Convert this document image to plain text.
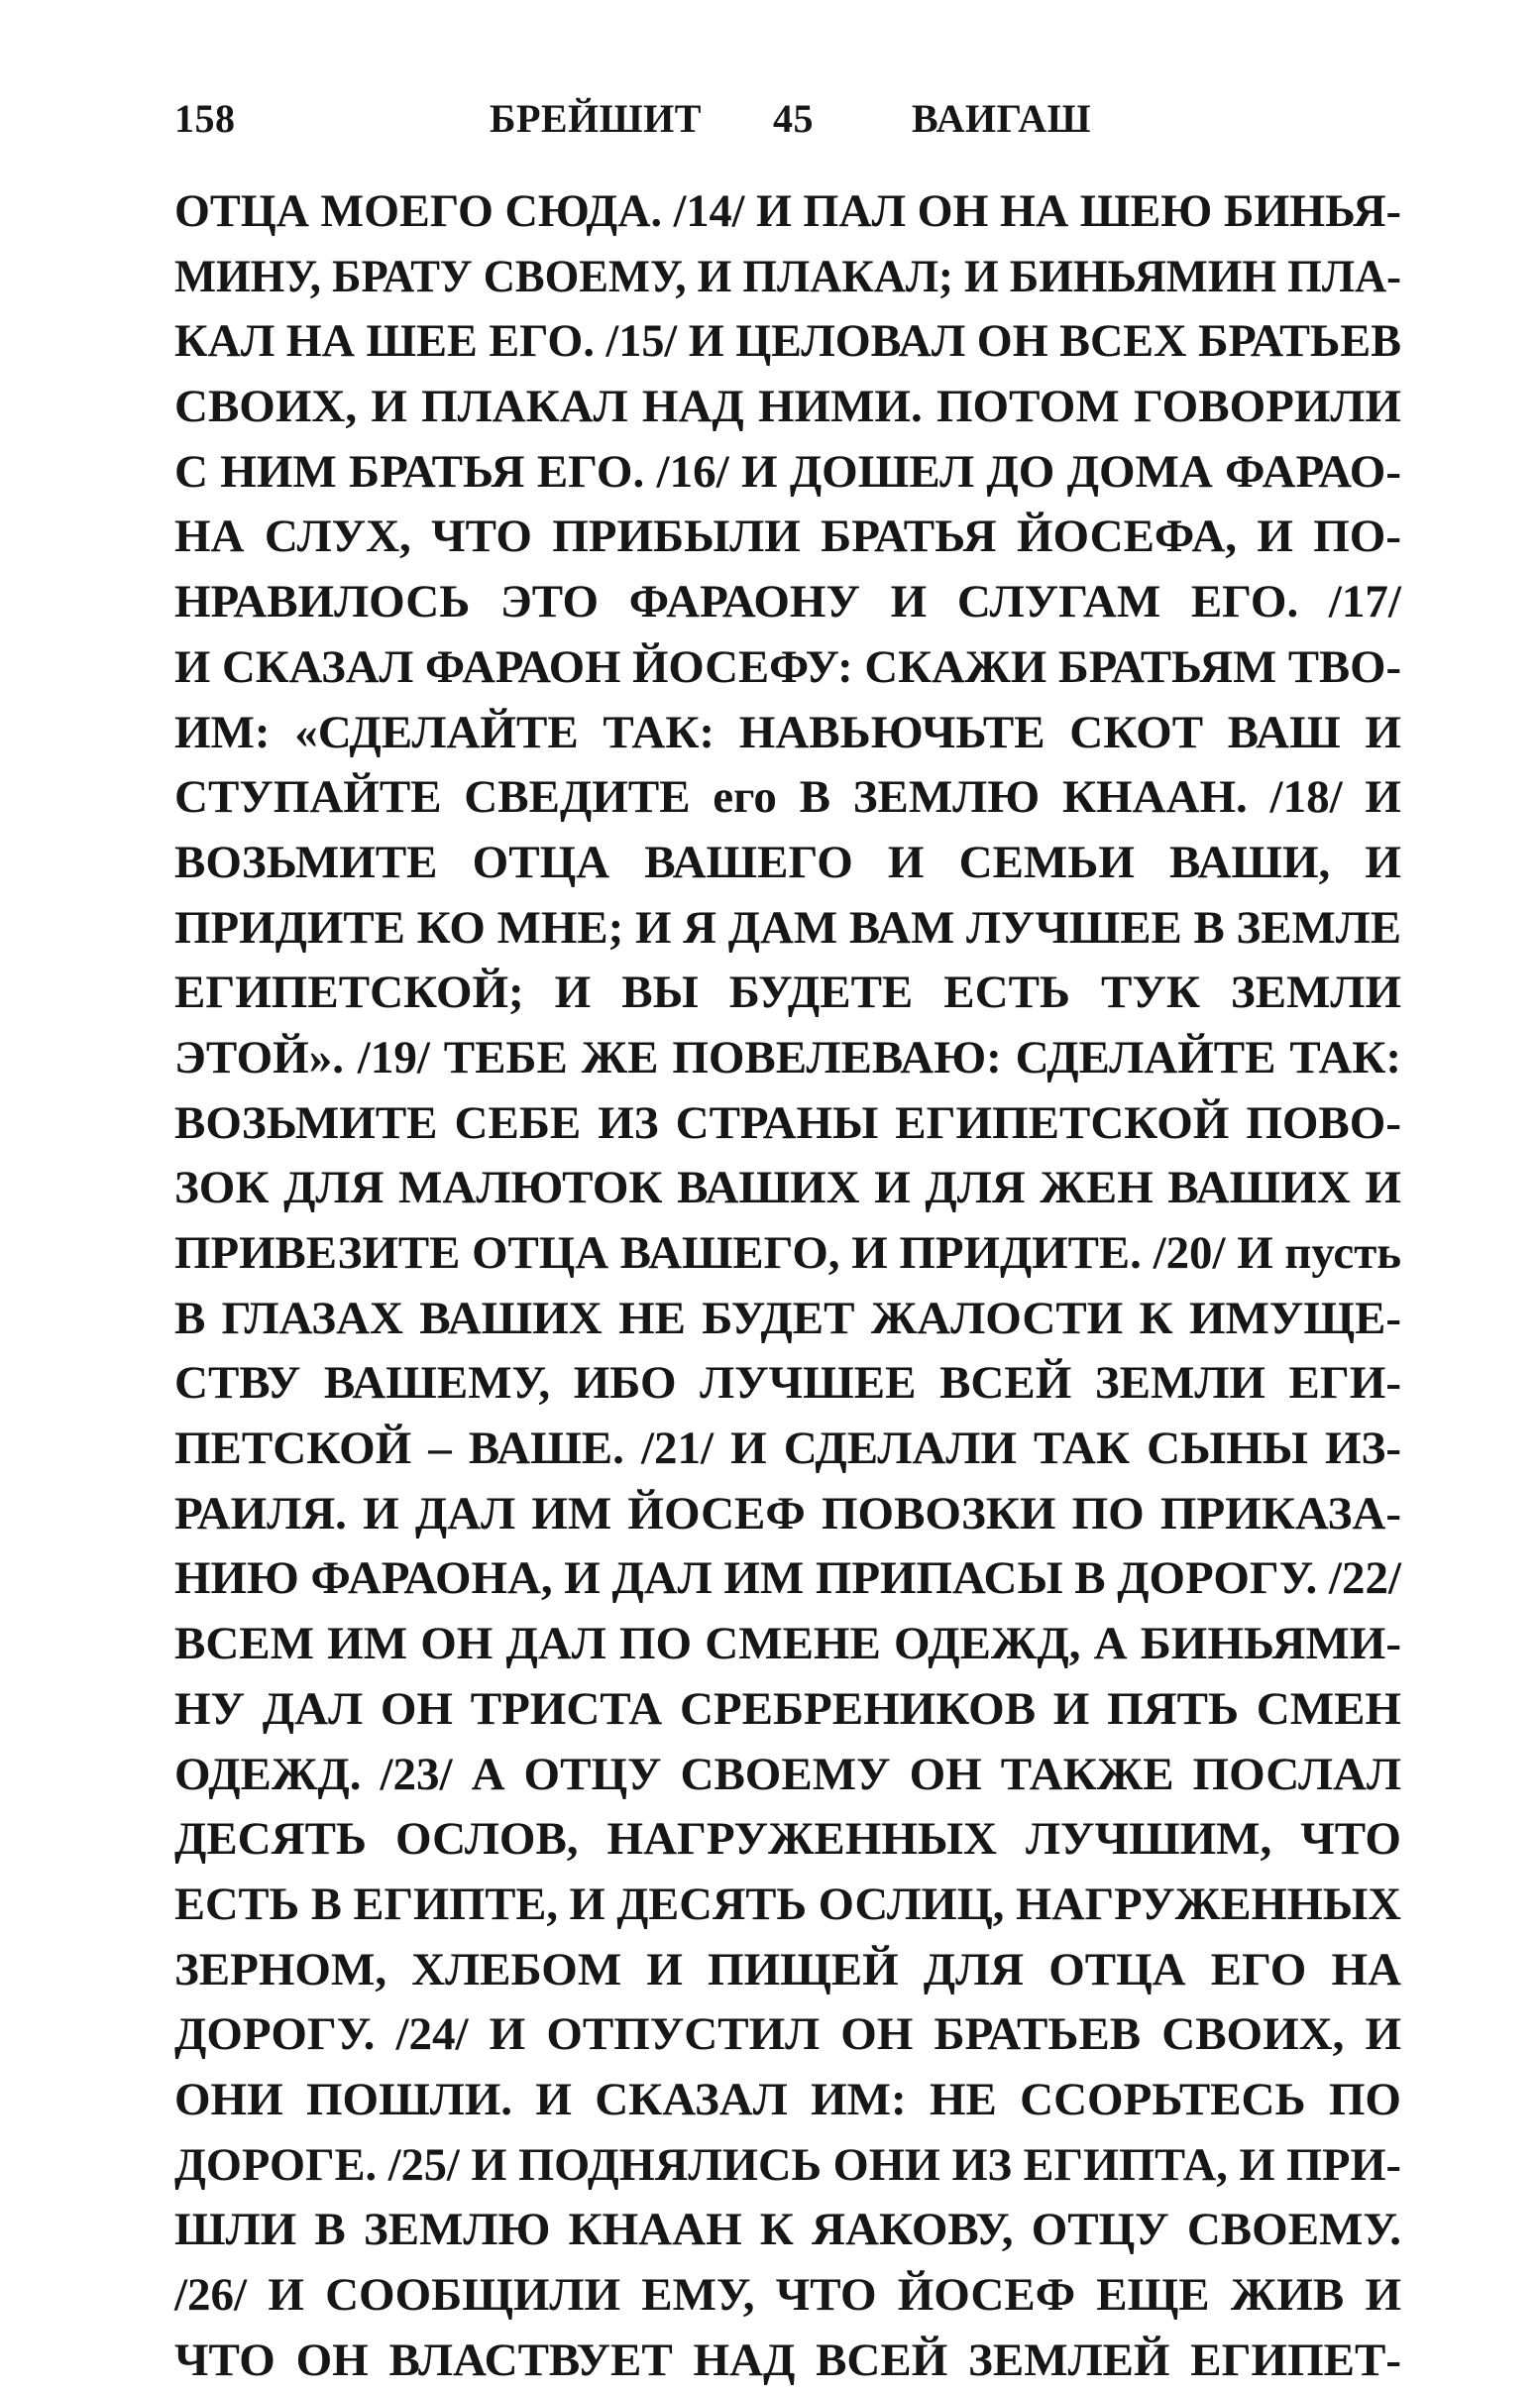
158	БРЕЙШИТ 45 ВАИГАШ
ОТЦА МОЕГО СЮДА. /14/ И ПАЛ ОН НА ШЕЮ БИНЬЯ-
МИНУ, БРАТУ СВОЕМУ, И ПЛАКАЛ; И БИНЬЯМИН ПЛА-
КАЛ НА ШЕЕ ЕГО. /15/ И ЦЕЛОВАЛ ОН ВСЕХ БРАТЬЕВ
СВОИХ, И ПЛАКАЛ НАД НИМИ. ПОТОМ ГОВОРИЛИ
С НИМ БРАТЬЯ ЕГО. /16/ И ДОШЕЛ ДО ДОМА ФАРАО-
НА СЛУХ, ЧТО ПРИБЫЛИ БРАТЬЯ ЙОСЕФА, И ПО-
НРАВИЛОСЬ ЭТО ФАРАОНУ И СЛУГАМ ЕГО. /17/
И СКАЗАЛ ФАРАОН ЙОСЕФУ: СКАЖИ БРАТЬЯМ ТВО-
ИМ: «СДЕЛАЙТЕ ТАК: НАВЬЮЧЬТЕ СКОТ ВАШ И
СТУПАЙТЕ СВЕДИТЕ его В ЗЕМЛЮ КНААН. /18/ И
ВОЗЬМИТЕ ОТЦА ВАШЕГО И СЕМЬИ ВАШИ, И
ПРИДИТЕ КО МНЕ; И Я ДАМ ВАМ ЛУЧШЕЕ В ЗЕМЛЕ
ЕГИПЕТСКОЙ; И ВЫ БУДЕТЕ ЕСТЬ ТУК ЗЕМЛИ
ЭТОЙ». /19/ ТЕБЕ ЖЕ ПОВЕЛЕВАЮ: СДЕЛАЙТЕ ТАК:
ВОЗЬМИТЕ СЕБЕ ИЗ СТРАНЫ ЕГИПЕТСКОЙ ПОВО-
ЗОК ДЛЯ МАЛЮТОК ВАШИХ И ДЛЯ ЖЕН ВАШИХ И
ПРИВЕЗИТЕ ОТЦА ВАШЕГО, И ПРИДИТЕ. /20/ И пусть
В ГЛАЗАХ ВАШИХ НЕ БУДЕТ ЖАЛОСТИ К ИМУЩЕ-
СТВУ ВАШЕМУ, ИБО ЛУЧШЕЕ ВСЕЙ ЗЕМЛИ ЕГИ-
ПЕТСКОЙ – ВАШЕ. /21/ И СДЕЛАЛИ ТАК СЫНЫ ИЗ-
РАИЛЯ. И ДАЛ ИМ ЙОСЕФ ПОВОЗКИ ПО ПРИКАЗА-
НИЮ ФАРАОНА, И ДАЛ ИМ ПРИПАСЫ В ДОРОГУ. /22/
ВСЕМ ИМ ОН ДАЛ ПО СМЕНЕ ОДЕЖД, А БИНЬЯМИ-
НУ ДАЛ ОН ТРИСТА СРЕБРЕНИКОВ И ПЯТЬ СМЕН
ОДЕЖД. /23/ А ОТЦУ СВОЕМУ ОН ТАКЖЕ ПОСЛАЛ
ДЕСЯТЬ ОСЛОВ, НАГРУЖЕННЫХ ЛУЧШИМ, ЧТО
ЕСТЬ В ЕГИПТЕ, И ДЕСЯТЬ ОСЛИЦ, НАГРУЖЕННЫХ
ЗЕРНОМ, ХЛЕБОМ И ПИЩЕЙ ДЛЯ ОТЦА ЕГО НА
ДОРОГУ. /24/ И ОТПУСТИЛ ОН БРАТЬЕВ СВОИХ, И
ОНИ ПОШЛИ. И СКАЗАЛ ИМ: НЕ ССОРЬТЕСЬ ПО
ДОРОГЕ. /25/ И ПОДНЯЛИСЬ ОНИ ИЗ ЕГИПТА, И ПРИ-
ШЛИ В ЗЕМЛЮ КНААН К ЯАКОВУ, ОТЦУ СВОЕМУ.
/26/ И СООБЩИЛИ ЕМУ, ЧТО ЙОСЕФ ЕЩЕ ЖИВ И
ЧТО ОН ВЛАСТВУЕТ НАД ВСЕЙ ЗЕМЛЕЙ ЕГИПЕТ-
